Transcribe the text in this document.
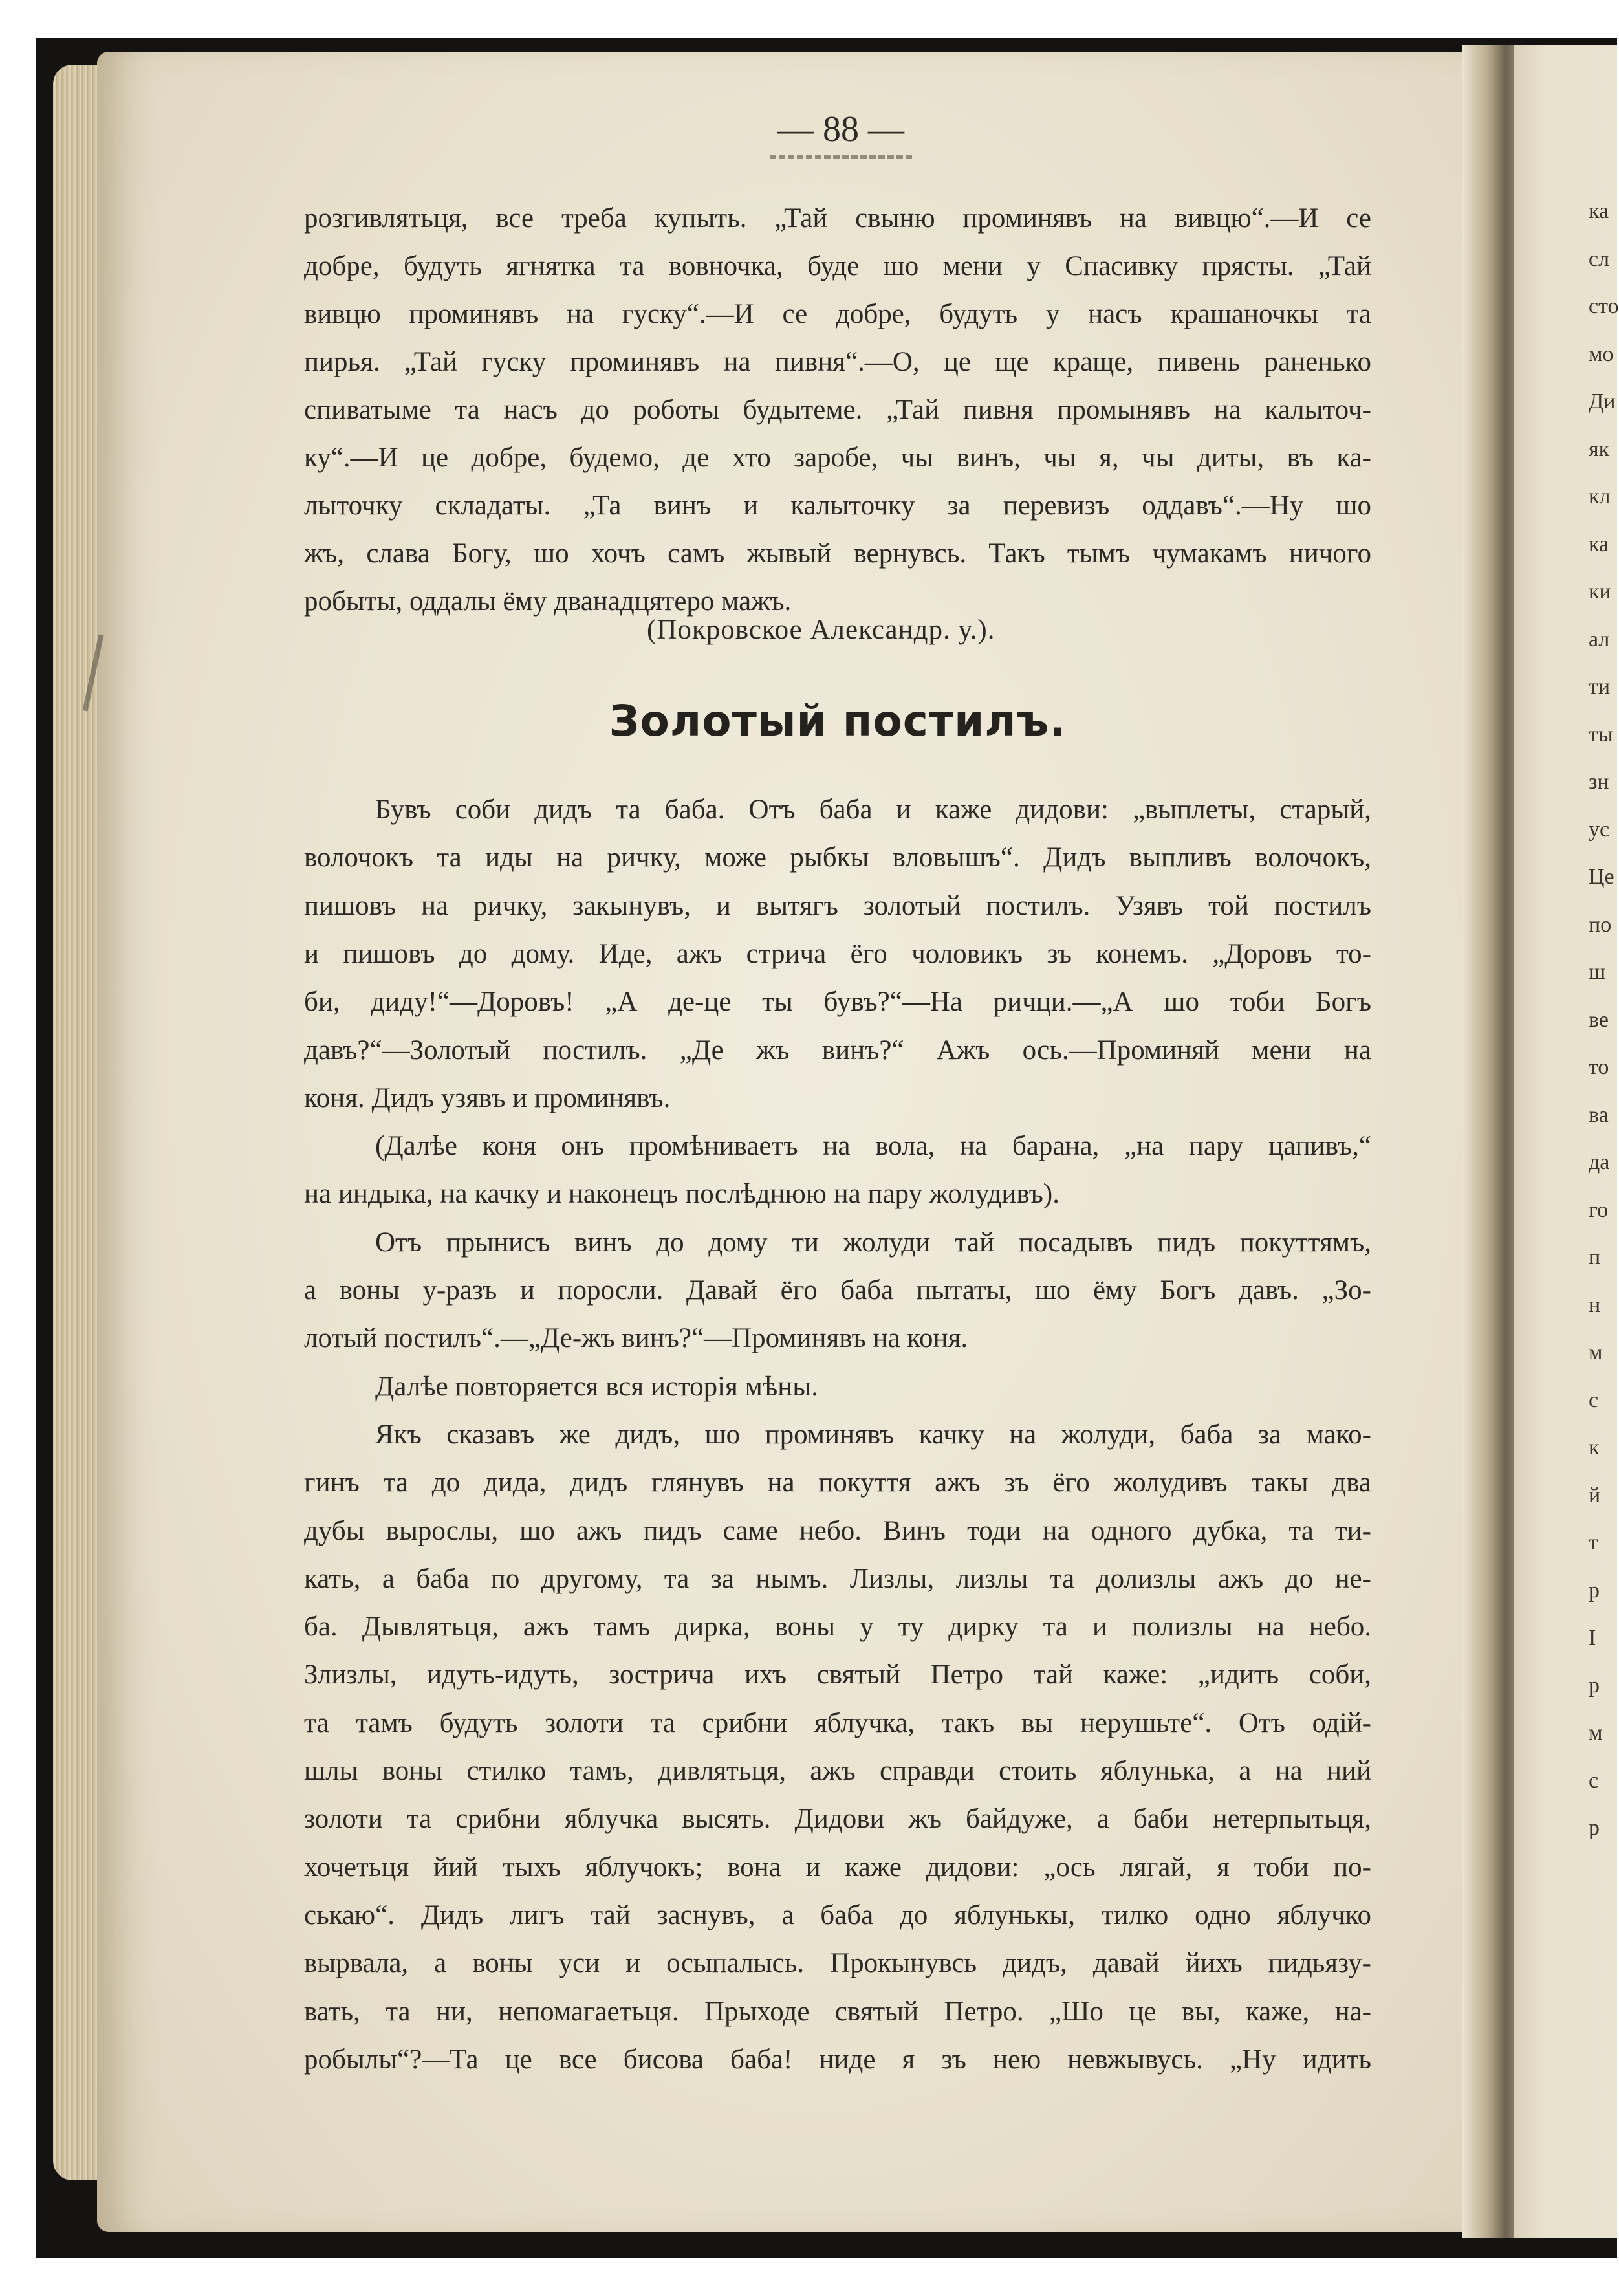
ка
сл
сто
мо
Ди
як
кл
ка
ки
ал
ти
ты
зн
ус
Це
по
ш
ве
то
ва
да
го
п
н
м
с
к
й
т
р
І
р
м
с
р
— 88 —
розгивлятьця, все треба купыть. „Тай свыню проминявъ на вивцю“.—И се
добре, будуть ягнятка та вовночка, буде шо мени у Спасивку прясты. „Тай
вивцю проминявъ на гуску“.—И се добре, будуть у насъ крашаночкы та
пирья. „Тай гуску проминявъ на пивня“.—О, це ще краще, пивень раненько
спиватыме та насъ до роботы будытеме. „Тай пивня промынявъ на калыточ-
ку“.—И це добре, будемо, де хто заробе, чы винъ, чы я, чы диты, въ ка-
лыточку складаты. „Та винъ и калыточку за перевизъ оддавъ“.—Ну шо
жъ, слава Богу, шо хочъ самъ жывый вернувсь. Такъ тымъ чумакамъ ничого
робыты, оддалы ёму дванадцятеро мажъ.
(Покровское Александр. у.).
Золотый постилъ.
Бувъ соби дидъ та баба. Отъ баба и каже дидови: „выплеты, старый,
волочокъ та иды на ричку, може рыбкы вловышъ“. Дидъ выпливъ волочокъ,
пишовъ на ричку, закынувъ, и вытягъ золотый постилъ. Узявъ той постилъ
и пишовъ до дому. Иде, ажъ стрича ёго чоловикъ зъ конемъ. „Доровъ то-
би, диду!“—Доровъ! „А де-це ты бувъ?“—На ричци.—„А шо тоби Богъ
давъ?“—Золотый постилъ. „Де жъ винъ?“ Ажъ ось.—Проминяй мени на
коня. Дидъ узявъ и проминявъ.
(Далѣе коня онъ промѣниваетъ на вола, на барана, „на пару цапивъ,“
на индыка, на качку и наконецъ послѣднюю на пару жолудивъ).
Отъ прынисъ винъ до дому ти жолуди тай посадывъ пидъ покуттямъ,
а воны у-разъ и поросли. Давай ёго баба пытаты, шо ёму Богъ давъ. „Зо-
лотый постилъ“.—„Де-жъ винъ?“—Проминявъ на коня.
Далѣе повторяется вся исторія мѣны.
Якъ сказавъ же дидъ, шо проминявъ качку на жолуди, баба за мако-
гинъ та до дида, дидъ глянувъ на покуття ажъ зъ ёго жолудивъ такы два
дубы вырослы, шо ажъ пидъ саме небо. Винъ тоди на одного дубка, та ти-
кать, а баба по другому, та за нымъ. Лизлы, лизлы та долизлы ажъ до не-
ба. Дывлятьця, ажъ тамъ дирка, воны у ту дирку та и полизлы на небо.
Злизлы, идуть-идуть, зострича ихъ святый Петро тай каже: „идить соби,
та тамъ будуть золоти та срибни яблучка, такъ вы нерушьте“. Отъ одій-
шлы воны стилко тамъ, дивлятьця, ажъ справди стоить яблунька, а на ний
золоти та срибни яблучка высять. Дидови жъ байдуже, а баби нетерпытьця,
хочетьця йий тыхъ яблучокъ; вона и каже дидови: „ось лягай, я тоби по-
ськаю“. Дидъ лигъ тай заснувъ, а баба до яблунькы, тилко одно яблучко
вырвала, а воны уси и осыпалысь. Прокынувсь дидъ, давай йихъ пидьязу-
вать, та ни, непомагаетьця. Прыходе святый Петро. „Шо це вы, каже, на-
робылы“?—Та це все бисова баба! ниде я зъ нею невжывусь. „Ну идить
